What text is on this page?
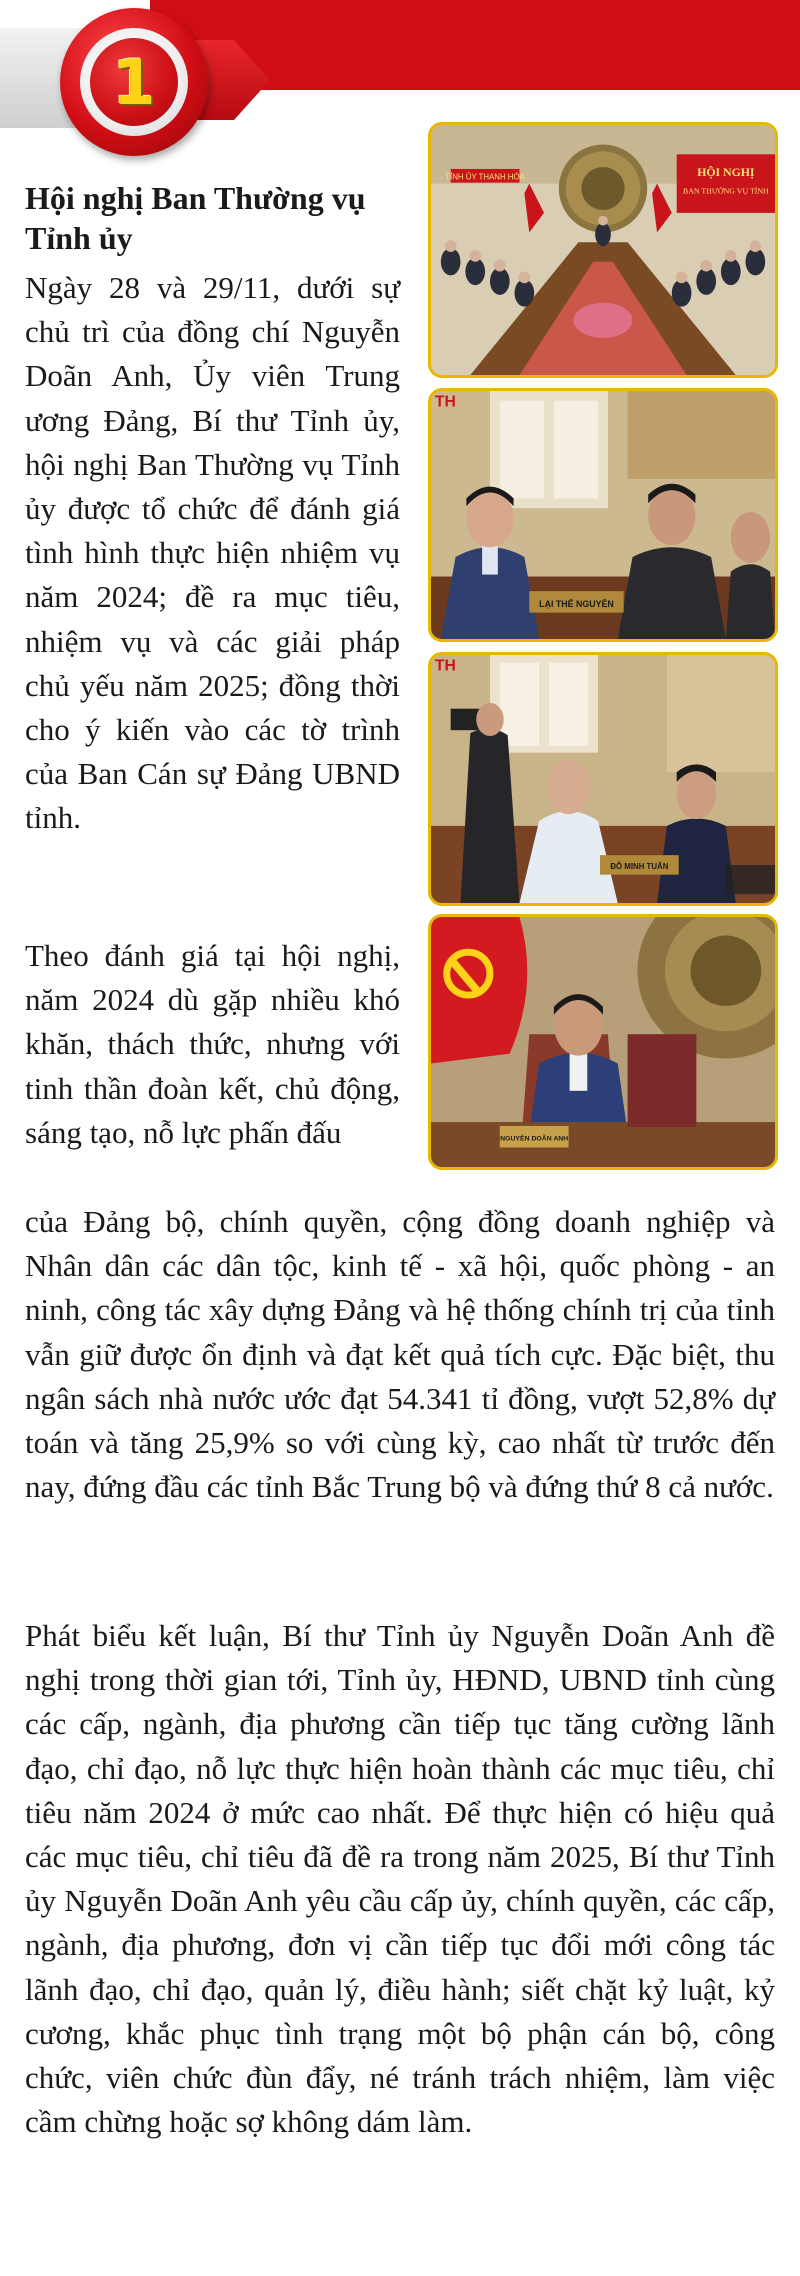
1
Hội nghị Ban Thường vụ Tỉnh ủy

Ngày 28 và 29/11, dưới sự chủ trì của đồng chí Nguyễn Doãn Anh, Ủy viên Trung ương Đảng, Bí thư Tỉnh ủy, hội nghị Ban Thường vụ Tỉnh ủy được tổ chức để đánh giá tình hình thực hiện nhiệm vụ năm 2024; đề ra mục tiêu, nhiệm vụ và các giải pháp chủ yếu năm 2025; đồng thời cho ý kiến vào các tờ trình của Ban Cán sự Đảng UBND tỉnh.

Theo đánh giá tại hội nghị, năm 2024 dù gặp nhiều khó khăn, thách thức, nhưng với tinh thần đoàn kết, chủ động, sáng tạo, nỗ lực phấn đấu

của Đảng bộ, chính quyền, cộng đồng doanh nghiệp và Nhân dân các dân tộc, kinh tế - xã hội, quốc phòng - an ninh, công tác xây dựng Đảng và hệ thống chính trị của tỉnh vẫn giữ được ổn định và đạt kết quả tích cực. Đặc biệt, thu ngân sách nhà nước ước đạt 54.341 tỉ đồng, vượt 52,8% dự toán và tăng 25,9% so với cùng kỳ, cao nhất từ trước đến nay, đứng đầu các tỉnh Bắc Trung bộ và đứng thứ 8 cả nước.

Phát biểu kết luận, Bí thư Tỉnh ủy Nguyễn Doãn Anh đề nghị trong thời gian tới, Tỉnh ủy, HĐND, UBND tỉnh cùng các cấp, ngành, địa phương cần tiếp tục tăng cường lãnh đạo, chỉ đạo, nỗ lực thực hiện hoàn thành các mục tiêu, chỉ tiêu năm 2024 ở mức cao nhất. Để thực hiện có hiệu quả các mục tiêu, chỉ tiêu đã đề ra trong năm 2025, Bí thư Tỉnh ủy Nguyễn Doãn Anh yêu cầu cấp ủy, chính quyền, các cấp, ngành, địa phương, đơn vị cần tiếp tục đổi mới công tác lãnh đạo, chỉ đạo, quản lý, điều hành; siết chặt kỷ luật, kỷ cương, khắc phục tình trạng một bộ phận cán bộ, công chức, viên chức đùn đẩy, né tránh trách nhiệm, làm việc cầm chừng hoặc sợ không dám làm.

TỈNH ỦY THANH HÓA	HỘI NGHỊ
BAN THƯỜNG VỤ TỈNH
TH
LẠI THẾ NGUYÊN
TH
ĐỖ MINH TUẤN
NGUYỄN DOÃN ANH
